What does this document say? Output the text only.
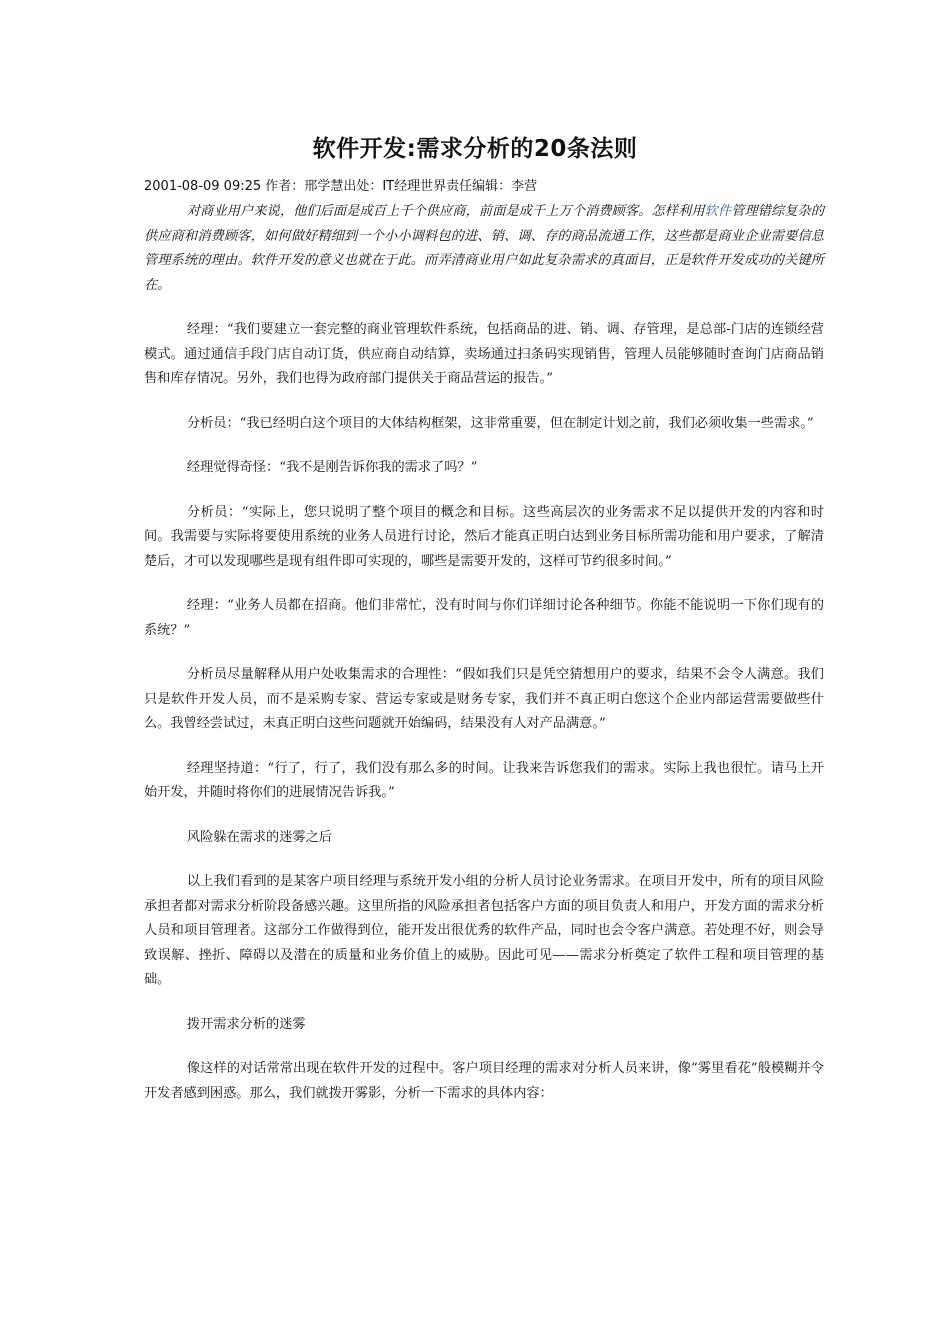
软件开发:需求分析的20条法则
2001-08-09 09:25 作者：邢学慧出处：IT经理世界责任编辑：李营

对商业用户来说，他们后面是成百上千个供应商，前面是成千上万个消费顾客。怎样利用软件管理错综复杂的供应商和消费顾客，如何做好精细到一个小小调料包的进、销、调、存的商品流通工作，这些都是商业企业需要信息管理系统的理由。软件开发的意义也就在于此。而弄清商业用户如此复杂需求的真面目，正是软件开发成功的关键所在。

经理：“我们要建立一套完整的商业管理软件系统，包括商品的进、销、调、存管理，是总部-门店的连锁经营模式。通过通信手段门店自动订货，供应商自动结算，卖场通过扫条码实现销售，管理人员能够随时查询门店商品销售和库存情况。另外，我们也得为政府部门提供关于商品营运的报告。”

分析员：“我已经明白这个项目的大体结构框架，这非常重要，但在制定计划之前，我们必须收集一些需求。”

经理觉得奇怪：“我不是刚告诉你我的需求了吗？”

分析员：“实际上，您只说明了整个项目的概念和目标。这些高层次的业务需求不足以提供开发的内容和时间。我需要与实际将要使用系统的业务人员进行讨论，然后才能真正明白达到业务目标所需功能和用户要求，了解清楚后，才可以发现哪些是现有组件即可实现的，哪些是需要开发的，这样可节约很多时间。”

经理：“业务人员都在招商。他们非常忙，没有时间与你们详细讨论各种细节。你能不能说明一下你们现有的系统？”

分析员尽量解释从用户处收集需求的合理性：“假如我们只是凭空猜想用户的要求，结果不会令人满意。我们只是软件开发人员，而不是采购专家、营运专家或是财务专家，我们并不真正明白您这个企业内部运营需要做些什么。我曾经尝试过，未真正明白这些问题就开始编码，结果没有人对产品满意。”

经理坚持道：“行了，行了，我们没有那么多的时间。让我来告诉您我们的需求。实际上我也很忙。请马上开始开发，并随时将你们的进展情况告诉我。”

风险躲在需求的迷雾之后

以上我们看到的是某客户项目经理与系统开发小组的分析人员讨论业务需求。在项目开发中，所有的项目风险承担者都对需求分析阶段备感兴趣。这里所指的风险承担者包括客户方面的项目负责人和用户，开发方面的需求分析人员和项目管理者。这部分工作做得到位，能开发出很优秀的软件产品，同时也会令客户满意。若处理不好，则会导致误解、挫折、障碍以及潜在的质量和业务价值上的威胁。因此可见——需求分析奠定了软件工程和项目管理的基础。

拨开需求分析的迷雾

像这样的对话常常出现在软件开发的过程中。客户项目经理的需求对分析人员来讲，像“雾里看花”般模糊并令开发者感到困惑。那么，我们就拨开雾影，分析一下需求的具体内容：
